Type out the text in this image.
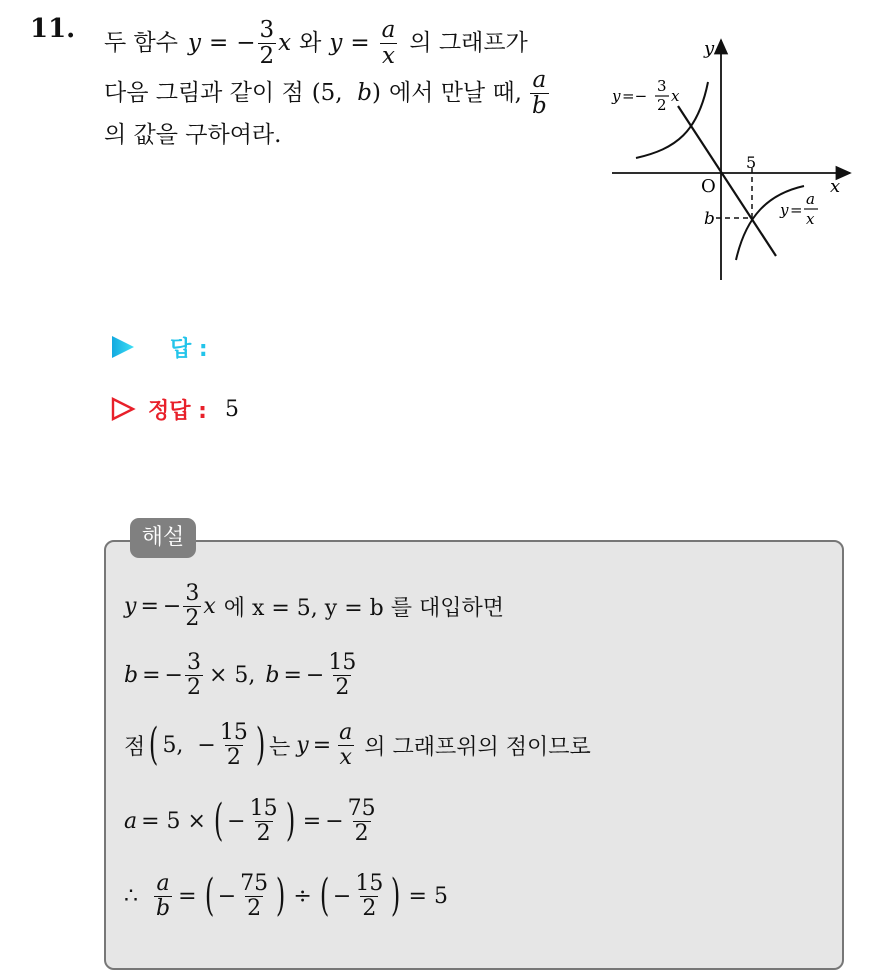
11. 두 함수 y = − $\frac{3}{2}$ x 와 $y = \frac{a}{x}$ 의 그래프가
다음 그림과 같이 점 (5,  b) 에서 만날 때, $\frac{a}{b}$
의 값을 구하여라.
y
x
O
5
b
y =−
3
2 x
y =
a
x
답 :
정답 : 5
해설
y = − $\frac{3}{2}$ x 에 x = 5, y = b 를 대입하면
b = − $\frac{3}{2} \times 5$, b = − $\frac{15}{2}$
점 ( 5,  − $\frac{15}{2}$ ) 는 $y = \frac{a}{x}$ 의 그래프위의 점이므로
a = 5 × ( − $\frac{15}{2}$ ) = − $\frac{75}{2}$
∴ $\frac{a}{b}$ = ( − $\frac{75}{2}$ ) ÷ ( − $\frac{15}{2}$ ) = 5
